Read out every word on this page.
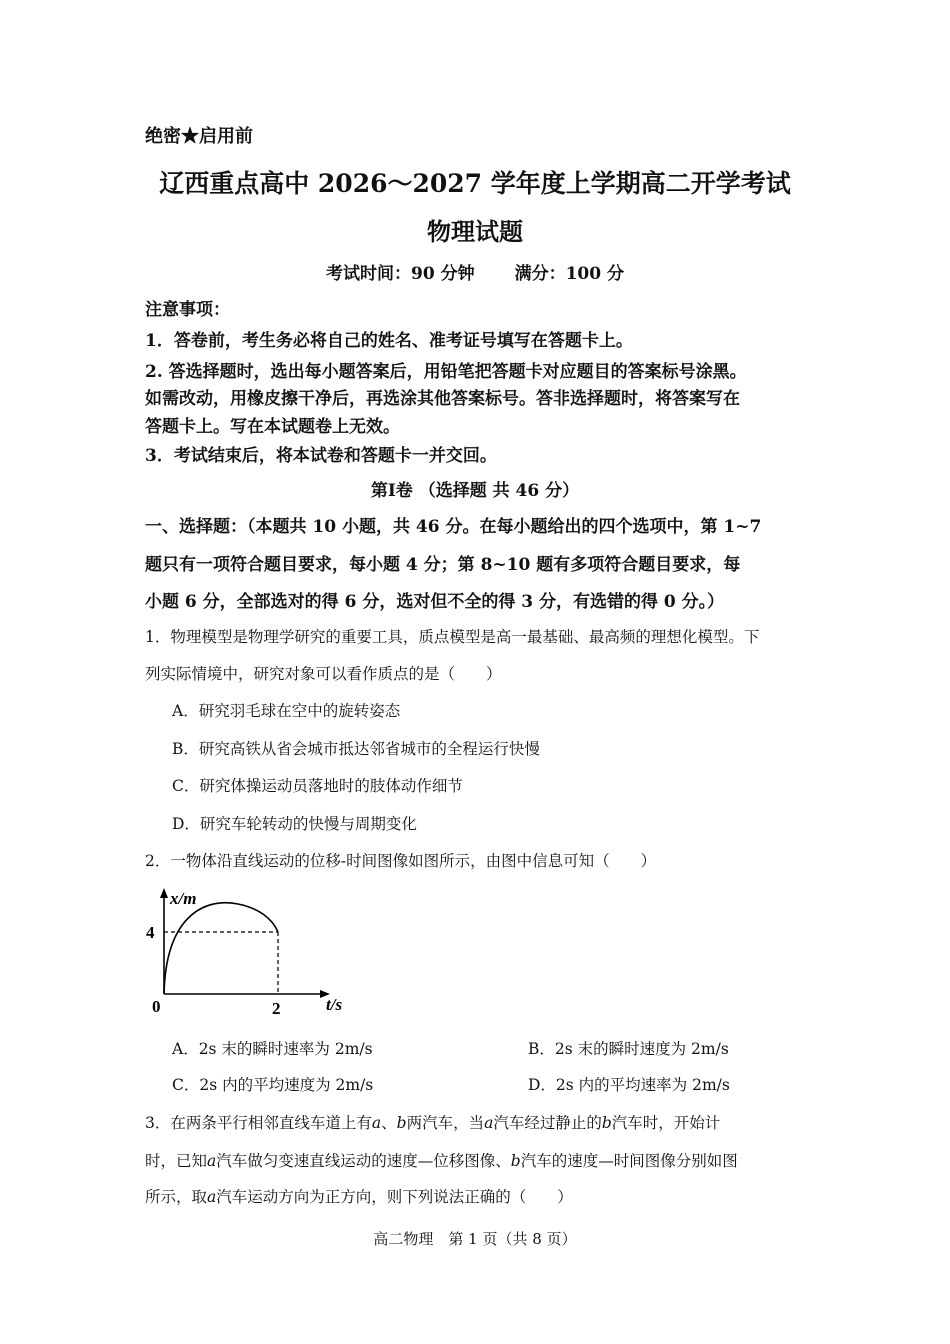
绝密★启用前
辽西重点高中 2026～2027 学年度上学期高二开学考试
物理试题
考试时间：90 分钟 满分：100 分
注意事项：
1．答卷前，考生务必将自己的姓名、准考证号填写在答题卡上。
2. 答选择题时，选出每小题答案后，用铅笔把答题卡对应题目的答案标号涂黑。
如需改动，用橡皮擦干净后，再选涂其他答案标号。答非选择题时，将答案写在
答题卡上。写在本试题卷上无效。
3．考试结束后，将本试卷和答题卡一并交回。
第Ⅰ卷 （选择题 共 46 分）
一、选择题：（本题共 10 小题，共 46 分。在每小题给出的四个选项中，第 1~7
题只有一项符合题目要求，每小题 4 分；第 8~10 题有多项符合题目要求，每
小题 6 分，全部选对的得 6 分，选对但不全的得 3 分，有选错的得 0 分。）
1．物理模型是物理学研究的重要工具，质点模型是高一最基础、最高频的理想化模型。下
列实际情境中，研究对象可以看作质点的是（　　）
A．研究羽毛球在空中的旋转姿态
B．研究高铁从省会城市抵达邻省城市的全程运行快慢
C．研究体操运动员落地时的肢体动作细节
D．研究车轮转动的快慢与周期变化
2．一物体沿直线运动的位移-时间图像如图所示，由图中信息可知（　　）
x/m
t/s
0
4
2
A．2s 末的瞬时速率为 2m/s	B．2s 末的瞬时速度为 2m/s
C．2s 内的平均速度为 2m/s	D．2s 内的平均速率为 2m/s
3．在两条平行相邻直线车道上有a、b两汽车，当a汽车经过静止的b汽车时，开始计
时，已知a汽车做匀变速直线运动的速度—位移图像、b汽车的速度—时间图像分别如图
所示，取a汽车运动方向为正方向，则下列说法正确的（　　）
高二物理　第 1 页（共 8 页）
